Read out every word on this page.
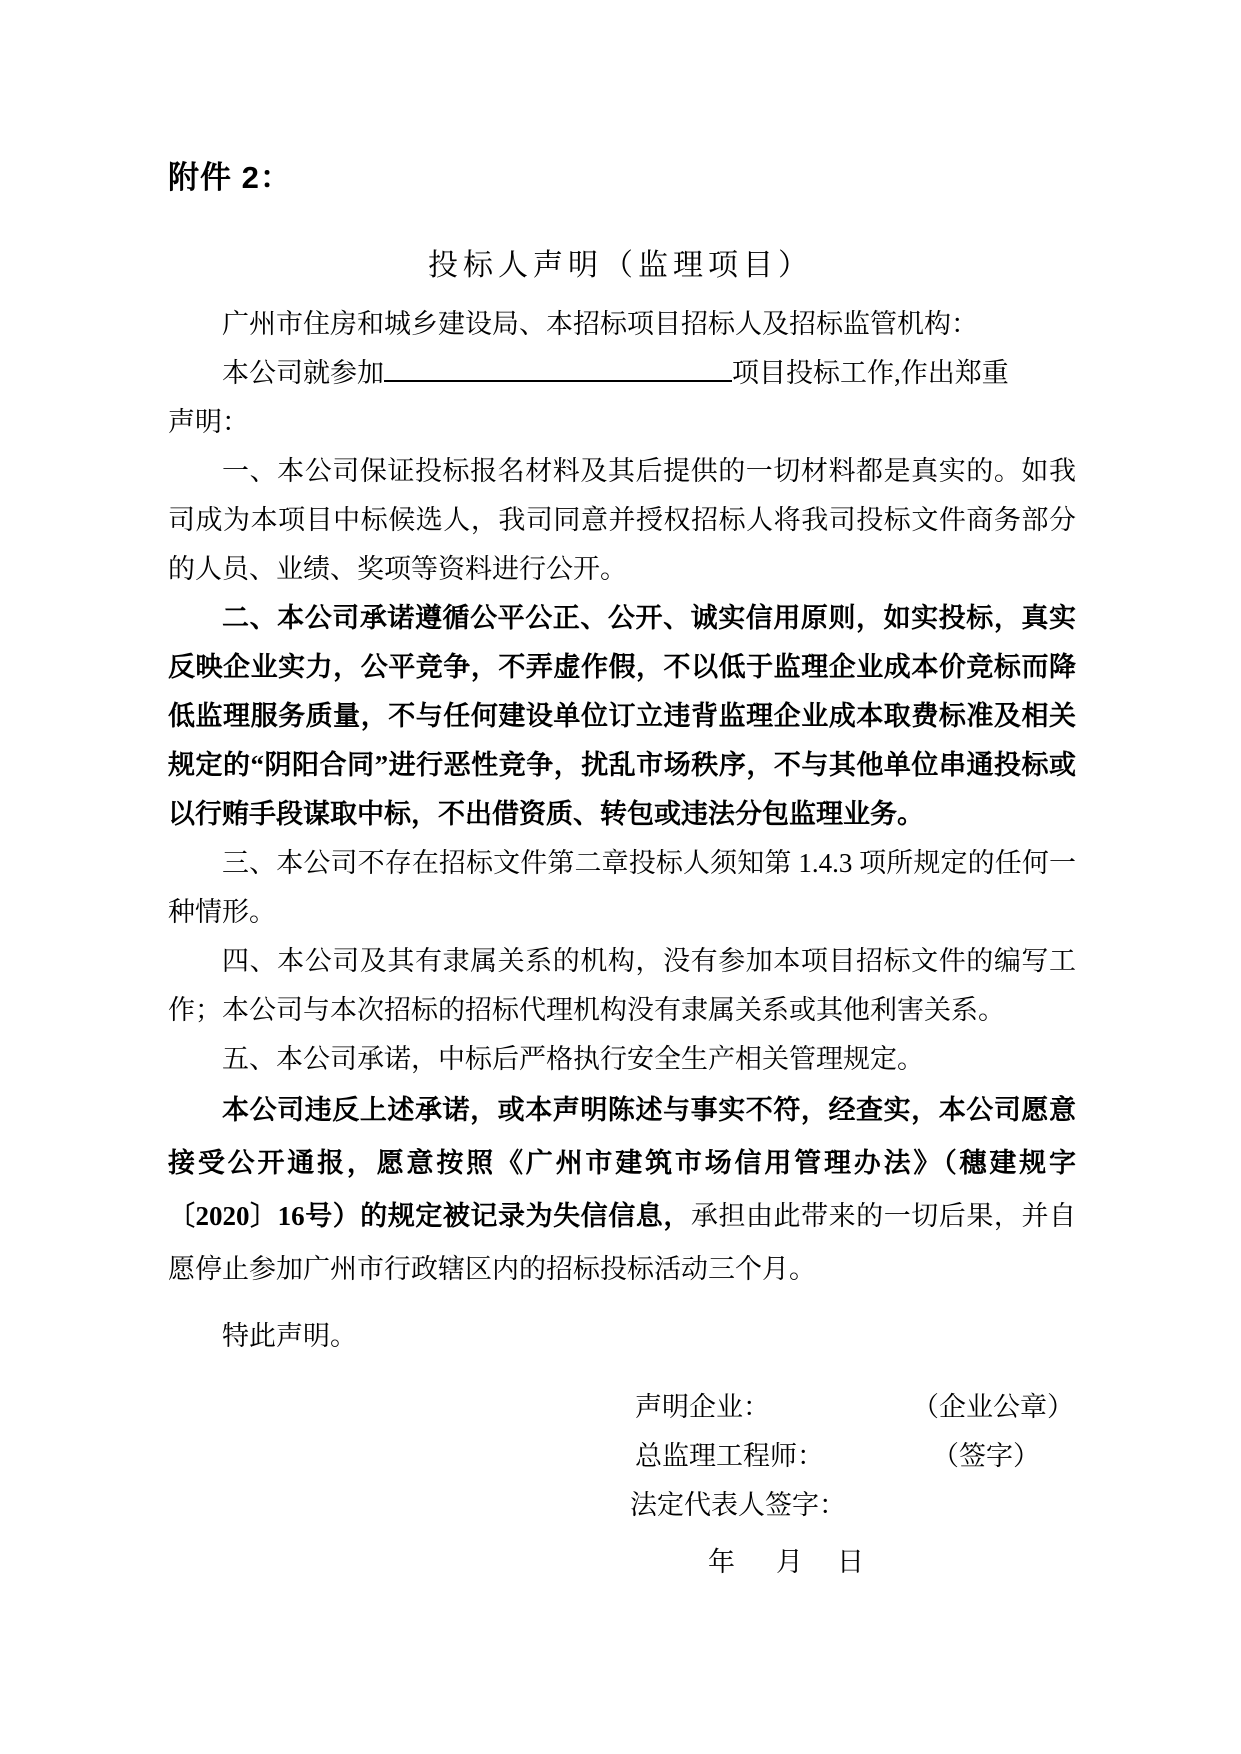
附件 2：
投标人声明（监理项目）

广州市住房和城乡建设局、本招标项目招标人及招标监管机构：

本公司就参加	项目投标工作,作出郑重
声明：

一、本公司保证投标报名材料及其后提供的一切材料都是真实的。如我司成为本项目中标候选人，我司同意并授权招标人将我司投标文件商务部分的人员、业绩、奖项等资料进行公开。

二、本公司承诺遵循公平公正、公开、诚实信用原则，如实投标，真实反映企业实力，公平竞争，不弄虚作假，不以低于监理企业成本价竞标而降低监理服务质量，不与任何建设单位订立违背监理企业成本取费标准及相关规定的“阴阳合同”进行恶性竞争，扰乱市场秩序，不与其他单位串通投标或以行贿手段谋取中标，不出借资质、转包或违法分包监理业务。

三、本公司不存在招标文件第二章投标人须知第 1.4.3 项所规定的任何一种情形。

四、本公司及其有隶属关系的机构，没有参加本项目招标文件的编写工作；本公司与本次招标的招标代理机构没有隶属关系或其他利害关系。

五、本公司承诺，中标后严格执行安全生产相关管理规定。

本公司违反上述承诺，或本声明陈述与事实不符，经查实，本公司愿意接受公开通报，愿意按照《广州市建筑市场信用管理办法》（穗建规字〔2020〕16号）的规定被记录为失信信息，承担由此带来的一切后果，并自愿停止参加广州市行政辖区内的招标投标活动三个月。

特此声明。

声明企业：	（企业公章）
总监理工程师：	（签字）
法定代表人签字：
年 月 日
